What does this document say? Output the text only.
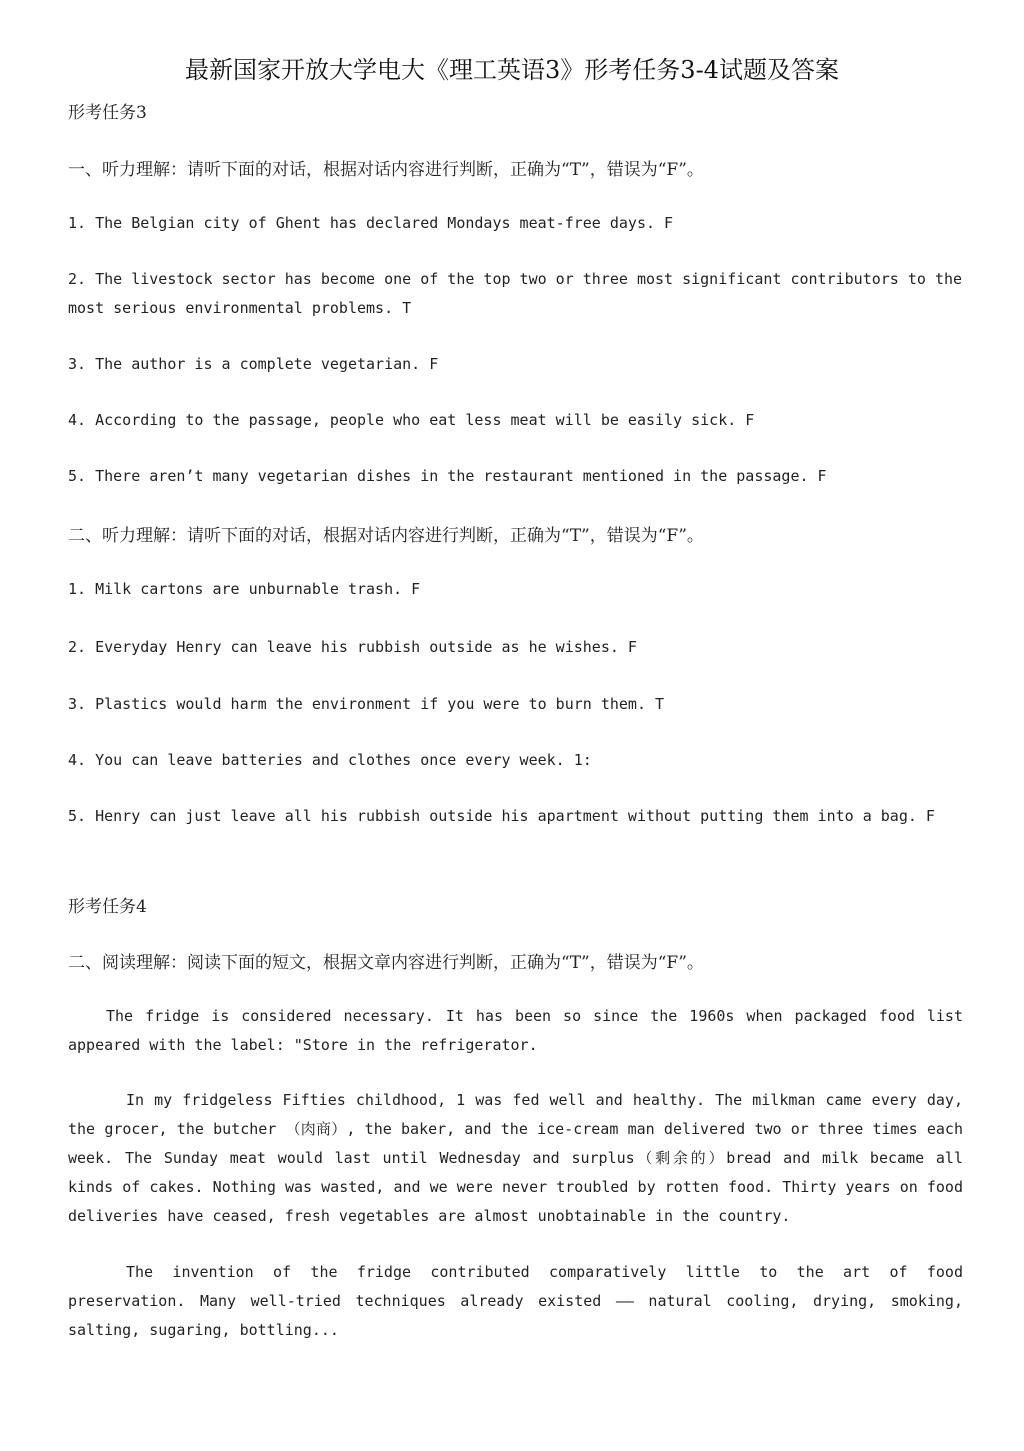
最新国家开放大学电大《理工英语3》形考任务3-4试题及答案
形考任务3
一、听力理解：请听下面的对话，根据对话内容进行判断，正确为“T”，错误为“F”。
1. The Belgian city of Ghent has declared Mondays meat-free days. F
2. The livestock sector has become one of the top two or three most significant contributors to the most serious environmental problems. T
3. The author is a complete vegetarian. F
4. According to the passage, people who eat less meat will be easily sick. F
5. There aren’t many vegetarian dishes in the restaurant mentioned in the passage. F
二、听力理解：请听下面的对话，根据对话内容进行判断，正确为“T”，错误为“F”。
1. Milk cartons are unburnable trash. F
2. Everyday Henry can leave his rubbish outside as he wishes. F
3. Plastics would harm the environment if you were to burn them. T
4. You can leave batteries and clothes once every week. 1:
5. Henry can just leave all his rubbish outside his apartment without putting them into a bag. F
形考任务4
二、阅读理解：阅读下面的短文，根据文章内容进行判断，正确为“T”，错误为“F”。
The fridge is considered necessary. It has been so since the 1960s when packaged food list appeared with the label: "Store in the refrigerator.
In my fridgeless Fifties childhood, 1 was fed well and healthy. The milkman came every day, the grocer, the butcher （肉商）, the baker, and the ice-cream man delivered two or three times each week. The Sunday meat would last until Wednesday and surplus（剩余的）bread and milk became all kinds of cakes. Nothing was wasted, and we were never troubled by rotten food. Thirty years on food deliveries have ceased, fresh vegetables are almost unobtainable in the country.
The invention of the fridge contributed comparatively little to the art of food preservation. Many well-tried techniques already existed —— natural cooling, drying, smoking, salting, sugaring, bottling...
